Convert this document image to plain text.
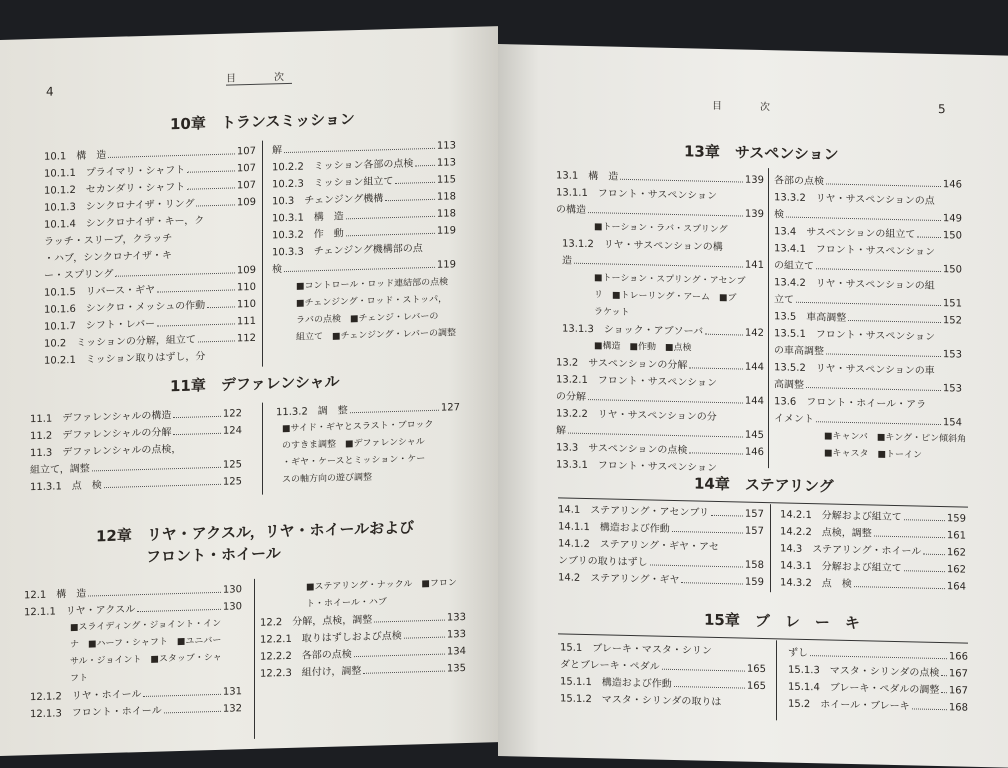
4
目　次
10章　トランスミッション
10.1　構　造	107
10.1.1　プライマリ・シャフト	107
10.1.2　セカンダリ・シャフト	107
10.1.3　シンクロナイザ・リング	109
10.1.4　シンクロナイザ・キー，ク
ラッチ・スリーブ，クラッチ
・ハブ，シンクロナイザ・キ
ー・スプリング	109
10.1.5　リバース・ギヤ	110
10.1.6　シンクロ・メッシュの作動	110
10.1.7　シフト・レバー	111
10.2　ミッションの分解，組立て	112
10.2.1　ミッション取りはずし，分
解	113
10.2.2　ミッション各部の点検 113
10.2.3　ミッション組立て	115
10.3　チェンジング機構	118
10.3.1　構　造	118
10.3.2　作　動	119
10.3.3　チェンジング機構部の点
検	119
■コントロール・ロッド連結部の点検
■チェンジング・ロッド・ストッパ，
ラバの点検　■チェンジ・レバーの
組立て　■チェンジング・レバーの調整
11章　デファレンシャル
11.1　デファレンシャルの構造	122
11.2　デファレンシャルの分解	124
11.3　デファレンシャルの点検，
組立て，調整	125
11.3.1　点　検	125
11.3.2　調　整	127
■サイド・ギヤとスラスト・ブロック
のすきま調整　■デファレンシャル
・ギヤ・ケースとミッション・ケー
スの軸方向の遊び調整
12章　リヤ・アクスル，リヤ・ホイールおよび
フロント・ホイール
12.1　構　造	130
12.1.1　リヤ・アクスル	130
■スライディング・ジョイント・イン
ナ　■ハーフ・シャフト　■ユニバー
サル・ジョイント　■スタッブ・シャ
フト
12.1.2　リヤ・ホイール	131
12.1.3　フロント・ホイール	132
■ステアリング・ナックル　■フロン
ト・ホイール・ハブ
12.2　分解，点検，調整	133
12.2.1　取りはずしおよび点検	133
12.2.2　各部の点検	134
12.2.3　組付け，調整	135
目　次	5
13章　サスペンション
13.1　構　造	139
13.1.1　フロント・サスペンション
の構造	139
■トーション・ラバ・スプリング
13.1.2　リヤ・サスペンションの構
造	141
■トーション・スプリング・アセンブ
リ　■トレーリング・アーム　■ブ
ラケット
13.1.3　ショック・アブソーバ	142
■構造　■作動　■点検
13.2　サスペンションの分解	144
13.2.1　フロント・サスペンション
の分解	144
13.2.2　リヤ・サスペンションの分
解	145
13.3　サスペンションの点検	146
13.3.1　フロント・サスペンション
各部の点検	146
13.3.2　リヤ・サスペンションの点
検	149
13.4　サスペンションの組立て	150
13.4.1　フロント・サスペンション
の組立て	150
13.4.2　リヤ・サスペンションの組
立て	151
13.5　車高調整	152
13.5.1　フロント・サスペンション
の車高調整	153
13.5.2　リヤ・サスペンションの車
高調整	153
13.6　フロント・ホイール・アラ
イメント	154
■キャンバ　■キング・ピン傾斜角
■キャスタ　■トーイン
14章　ステアリング
14.1　ステアリング・アセンブリ	157
14.1.1　構造および作動	157
14.1.2　ステアリング・ギヤ・アセ
ンブリの取りはずし	158
14.2　ステアリング・ギヤ	159
14.2.1　分解および組立て	159
14.2.2　点検，調整	161
14.3　ステアリング・ホイール	162
14.3.1　分解および組立て	162
14.3.2　点　検	164
15章　ブ　レ　ー　キ
15.1　ブレーキ・マスタ・シリン
ダとブレーキ・ペダル	165
15.1.1　構造および作動	165
15.1.2　マスタ・シリンダの取りは
ずし	166
15.1.3　マスタ・シリンダの点検 167
15.1.4　ブレーキ・ペダルの調整 167
15.2　ホイール・ブレーキ	168
